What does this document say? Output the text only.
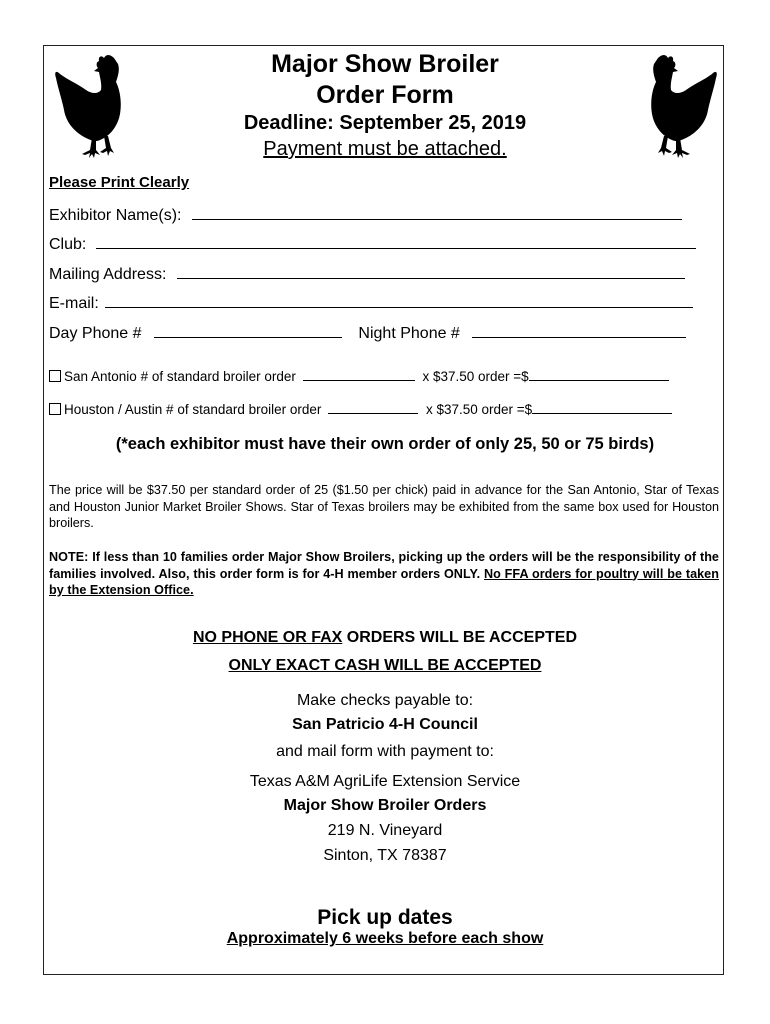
Major Show Broiler
Order Form
Deadline: September 25, 2019
Payment must be attached.
Please Print Clearly
Exhibitor Name(s):
Club:
Mailing Address:
E-mail:
Day Phone #	Night Phone #
San Antonio # of standard broiler order	x $37.50 order =$
Houston / Austin # of standard broiler order	x $37.50 order =$
(*each exhibitor must have their own order of only 25, 50 or 75 birds)
The price will be $37.50 per standard order of 25 ($1.50 per chick) paid in advance for the San Antonio, Star of Texas and Houston Junior Market Broiler Shows. Star of Texas broilers may be exhibited from the same box used for Houston broilers.
NOTE: If less than 10 families order Major Show Broilers, picking up the orders will be the responsibility of the families involved. Also, this order form is for 4-H member orders ONLY. No FFA orders for poultry will be taken by the Extension Office.
NO PHONE OR FAX ORDERS WILL BE ACCEPTED
ONLY EXACT CASH WILL BE ACCEPTED
Make checks payable to:
San Patricio 4-H Council
and mail form with payment to:
Texas A&M AgriLife Extension Service
Major Show Broiler Orders
219 N. Vineyard
Sinton, TX 78387
Pick up dates
Approximately 6 weeks before each show
